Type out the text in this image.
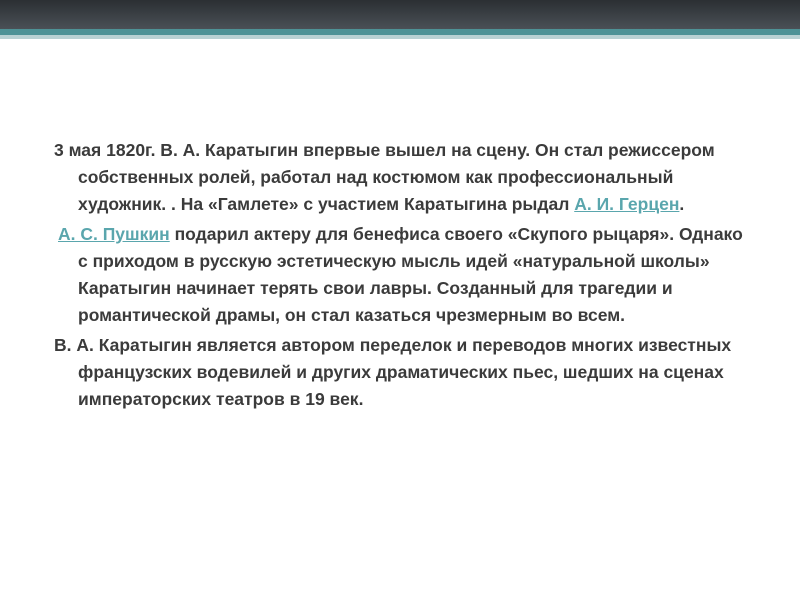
3 мая 1820г. В. А. Каратыгин впервые вышел на сцену. Он стал режиссером собственных ролей, работал над костюмом как профессиональный художник. . На «Гамлете» с участием Каратыгина рыдал А. И. Герцен.

А. С. Пушкин подарил актеру для бенефиса своего «Скупого рыцаря». Однако с приходом в русскую эстетическую мысль идей «натуральной школы» Каратыгин начинает терять свои лавры. Созданный для трагедии и романтической драмы, он стал казаться чрезмерным во всем.

В. А. Каратыгин является автором переделок и переводов многих известных французских водевилей и других драматических пьес, шедших на сценах императорских театров в 19 век.
